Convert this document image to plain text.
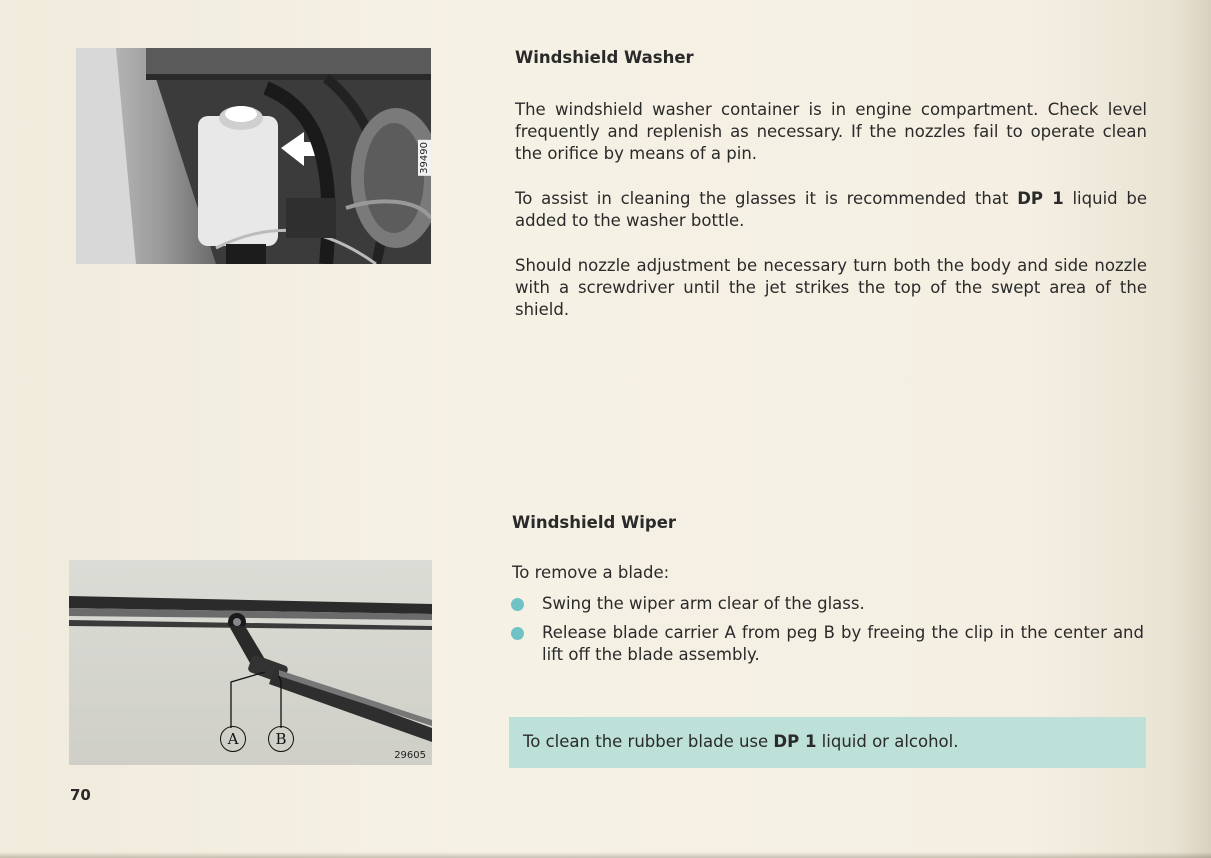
39490
A	B
29605
Windshield Washer

The windshield washer container is in engine compartment. Check level frequently and replenish as necessary. If the nozzles fail to operate clean the orifice by means of a pin.

To assist in cleaning the glasses it is recommended that DP 1 liquid be added to the washer bottle.

Should nozzle adjustment be necessary turn both the body and side nozzle with a screwdriver until the jet strikes the top of the swept area of the shield.

Windshield Wiper

To remove a blade:

Swing the wiper arm clear of the glass.
Release blade carrier A from peg B by freeing the clip in the center and lift off the blade assembly.
To clean the rubber blade use DP 1 liquid or alcohol.
70
